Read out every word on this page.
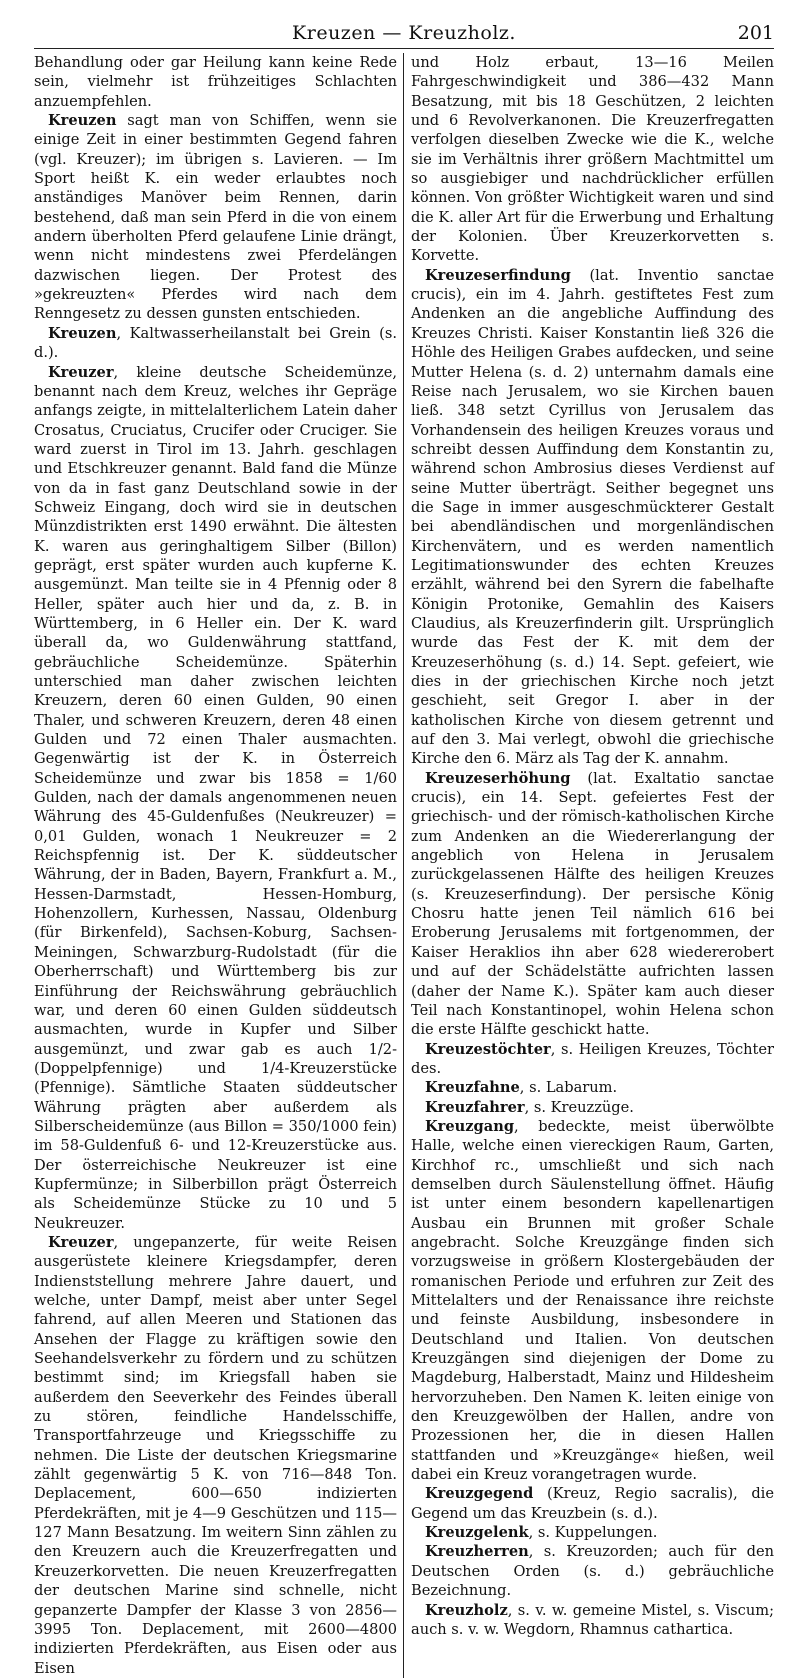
Kreuzen — Kreuzholz.	201

Behandlung oder gar Heilung kann keine Rede sein, vielmehr ist frühzeitiges Schlachten anzuempfehlen.

Kreuzen sagt man von Schiffen, wenn sie einige Zeit in einer bestimmten Gegend fahren (vgl. Kreuzer); im übrigen s. Lavieren. — Im Sport heißt K. ein weder erlaubtes noch anständiges Manöver beim Rennen, darin bestehend, daß man sein Pferd in die von einem andern überholten Pferd gelaufene Linie drängt, wenn nicht mindestens zwei Pferdelängen dazwischen liegen. Der Protest des »gekreuzten« Pferdes wird nach dem Renngesetz zu dessen gunsten entschieden.

Kreuzen, Kaltwasserheilanstalt bei Grein (s. d.).

Kreuzer, kleine deutsche Scheidemünze, benannt nach dem Kreuz, welches ihr Gepräge anfangs zeigte, in mittelalterlichem Latein daher Crosatus, Cruciatus, Crucifer oder Cruciger. Sie ward zuerst in Tirol im 13. Jahrh. geschlagen und Etschkreuzer genannt. Bald fand die Münze von da in fast ganz Deutschland sowie in der Schweiz Eingang, doch wird sie in deutschen Münzdistrikten erst 1490 erwähnt. Die ältesten K. waren aus geringhaltigem Silber (Billon) geprägt, erst später wurden auch kupferne K. ausgemünzt. Man teilte sie in 4 Pfennig oder 8 Heller, später auch hier und da, z. B. in Württemberg, in 6 Heller ein. Der K. ward überall da, wo Guldenwährung stattfand, gebräuchliche Scheidemünze. Späterhin unterschied man daher zwischen leichten Kreuzern, deren 60 einen Gulden, 90 einen Thaler, und schweren Kreuzern, deren 48 einen Gulden und 72 einen Thaler ausmachten. Gegenwärtig ist der K. in Österreich Scheidemünze und zwar bis 1858 = 1/60 Gulden, nach der damals angenommenen neuen Währung des 45-Guldenfußes (Neukreuzer) = 0,01 Gulden, wonach 1 Neukreuzer = 2 Reichspfennig ist. Der K. süddeutscher Währung, der in Baden, Bayern, Frankfurt a. M., Hessen-Darmstadt, Hessen-Homburg, Hohenzollern, Kurhessen, Nassau, Oldenburg (für Birkenfeld), Sachsen-Koburg, Sachsen-Meiningen, Schwarzburg-Rudolstadt (für die Oberherrschaft) und Württemberg bis zur Einführung der Reichswährung gebräuchlich war, und deren 60 einen Gulden süddeutsch ausmachten, wurde in Kupfer und Silber ausgemünzt, und zwar gab es auch 1/2- (Doppelpfennige) und 1/4-Kreuzerstücke (Pfennige). Sämtliche Staaten süddeutscher Währung prägten aber außerdem als Silberscheidemünze (aus Billon = 350/1000 fein) im 58-Guldenfuß 6- und 12-Kreuzerstücke aus. Der österreichische Neukreuzer ist eine Kupfermünze; in Silberbillon prägt Österreich als Scheidemünze Stücke zu 10 und 5 Neukreuzer.

Kreuzer, ungepanzerte, für weite Reisen ausgerüstete kleinere Kriegsdampfer, deren Indienststellung mehrere Jahre dauert, und welche, unter Dampf, meist aber unter Segel fahrend, auf allen Meeren und Stationen das Ansehen der Flagge zu kräftigen sowie den Seehandelsverkehr zu fördern und zu schützen bestimmt sind; im Kriegsfall haben sie außerdem den Seeverkehr des Feindes überall zu stören, feindliche Handelsschiffe, Transportfahrzeuge und Kriegsschiffe zu nehmen. Die Liste der deutschen Kriegsmarine zählt gegenwärtig 5 K. von 716—848 Ton. Deplacement, 600—650 indizierten Pferdekräften, mit je 4—9 Geschützen und 115—127 Mann Besatzung. Im weitern Sinn zählen zu den Kreuzern auch die Kreuzerfregatten und Kreuzerkorvetten. Die neuen Kreuzerfregatten der deutschen Marine sind schnelle, nicht gepanzerte Dampfer der Klasse 3 von 2856—3995 Ton. Deplacement, mit 2600—4800 indizierten Pferdekräften, aus Eisen oder aus Eisen

und Holz erbaut, 13—16 Meilen Fahrgeschwindigkeit und 386—432 Mann Besatzung, mit bis 18 Geschützen, 2 leichten und 6 Revolverkanonen. Die Kreuzerfregatten verfolgen dieselben Zwecke wie die K., welche sie im Verhältnis ihrer größern Machtmittel um so ausgiebiger und nachdrücklicher erfüllen können. Von größter Wichtigkeit waren und sind die K. aller Art für die Erwerbung und Erhaltung der Kolonien. Über Kreuzerkorvetten s. Korvette.

Kreuzeserfindung (lat. Inventio sanctae crucis), ein im 4. Jahrh. gestiftetes Fest zum Andenken an die angebliche Auffindung des Kreuzes Christi. Kaiser Konstantin ließ 326 die Höhle des Heiligen Grabes aufdecken, und seine Mutter Helena (s. d. 2) unternahm damals eine Reise nach Jerusalem, wo sie Kirchen bauen ließ. 348 setzt Cyrillus von Jerusalem das Vorhandensein des heiligen Kreuzes voraus und schreibt dessen Auffindung dem Konstantin zu, während schon Ambrosius dieses Verdienst auf seine Mutter überträgt. Seither begegnet uns die Sage in immer ausgeschmückterer Gestalt bei abendländischen und morgenländischen Kirchenvätern, und es werden namentlich Legitimationswunder des echten Kreuzes erzählt, während bei den Syrern die fabelhafte Königin Protonike, Gemahlin des Kaisers Claudius, als Kreuzerfinderin gilt. Ursprünglich wurde das Fest der K. mit dem der Kreuzeserhöhung (s. d.) 14. Sept. gefeiert, wie dies in der griechischen Kirche noch jetzt geschieht, seit Gregor I. aber in der katholischen Kirche von diesem getrennt und auf den 3. Mai verlegt, obwohl die griechische Kirche den 6. März als Tag der K. annahm.

Kreuzeserhöhung (lat. Exaltatio sanctae crucis), ein 14. Sept. gefeiertes Fest der griechisch- und der römisch-katholischen Kirche zum Andenken an die Wiedererlangung der angeblich von Helena in Jerusalem zurückgelassenen Hälfte des heiligen Kreuzes (s. Kreuzeserfindung). Der persische König Chosru hatte jenen Teil nämlich 616 bei Eroberung Jerusalems mit fortgenommen, der Kaiser Heraklios ihn aber 628 wiedererobert und auf der Schädelstätte aufrichten lassen (daher der Name K.). Später kam auch dieser Teil nach Konstantinopel, wohin Helena schon die erste Hälfte geschickt hatte.

Kreuzestöchter, s. Heiligen Kreuzes, Töchter des.

Kreuzfahne, s. Labarum.

Kreuzfahrer, s. Kreuzzüge.

Kreuzgang, bedeckte, meist überwölbte Halle, welche einen viereckigen Raum, Garten, Kirchhof rc., umschließt und sich nach demselben durch Säulenstellung öffnet. Häufig ist unter einem besondern kapellenartigen Ausbau ein Brunnen mit großer Schale angebracht. Solche Kreuzgänge finden sich vorzugsweise in größern Klostergebäuden der romanischen Periode und erfuhren zur Zeit des Mittelalters und der Renaissance ihre reichste und feinste Ausbildung, insbesondere in Deutschland und Italien. Von deutschen Kreuzgängen sind diejenigen der Dome zu Magdeburg, Halberstadt, Mainz und Hildesheim hervorzuheben. Den Namen K. leiten einige von den Kreuzgewölben der Hallen, andre von Prozessionen her, die in diesen Hallen stattfanden und »Kreuzgänge« hießen, weil dabei ein Kreuz vorangetragen wurde.

Kreuzgegend (Kreuz, Regio sacralis), die Gegend um das Kreuzbein (s. d.).

Kreuzgelenk, s. Kuppelungen.

Kreuzherren, s. Kreuzorden; auch für den Deutschen Orden (s. d.) gebräuchliche Bezeichnung.

Kreuzholz, s. v. w. gemeine Mistel, s. Viscum; auch s. v. w. Wegdorn, Rhamnus cathartica.
